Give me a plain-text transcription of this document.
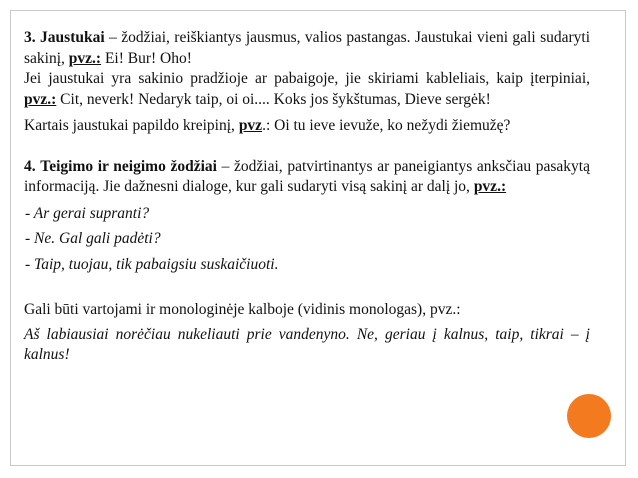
3. Jaustukai – žodžiai, reiškiantys jausmus, valios pastangas. Jaustukai vieni gali sudaryti sakinį, pvz.: Ei! Bur! Oho!

Jei jaustukai yra sakinio pradžioje ar pabaigoje, jie skiriami kableliais, kaip įterpiniai, pvz.: Cit, neverk! Nedaryk taip, oi oi.... Koks jos šykštumas, Dieve sergėk!

Kartais jaustukai papildo kreipinį, pvz.: Oi tu ieve ievuže, ko nežydi žiemužę?

4. Teigimo ir neigimo žodžiai – žodžiai, patvirtinantys ar paneigiantys anksčiau pasakytą informaciją. Jie dažnesni dialoge, kur gali sudaryti visą sakinį ar dalį jo, pvz.:

- Ar gerai supranti?

- Ne. Gal gali padėti?

- Taip, tuojau, tik pabaigsiu suskaičiuoti.

Gali būti vartojami ir monologinėje kalboje (vidinis monologas), pvz.:

Aš labiausiai norėčiau nukeliauti prie vandenyno. Ne, geriau į kalnus, taip, tikrai – į kalnus!
